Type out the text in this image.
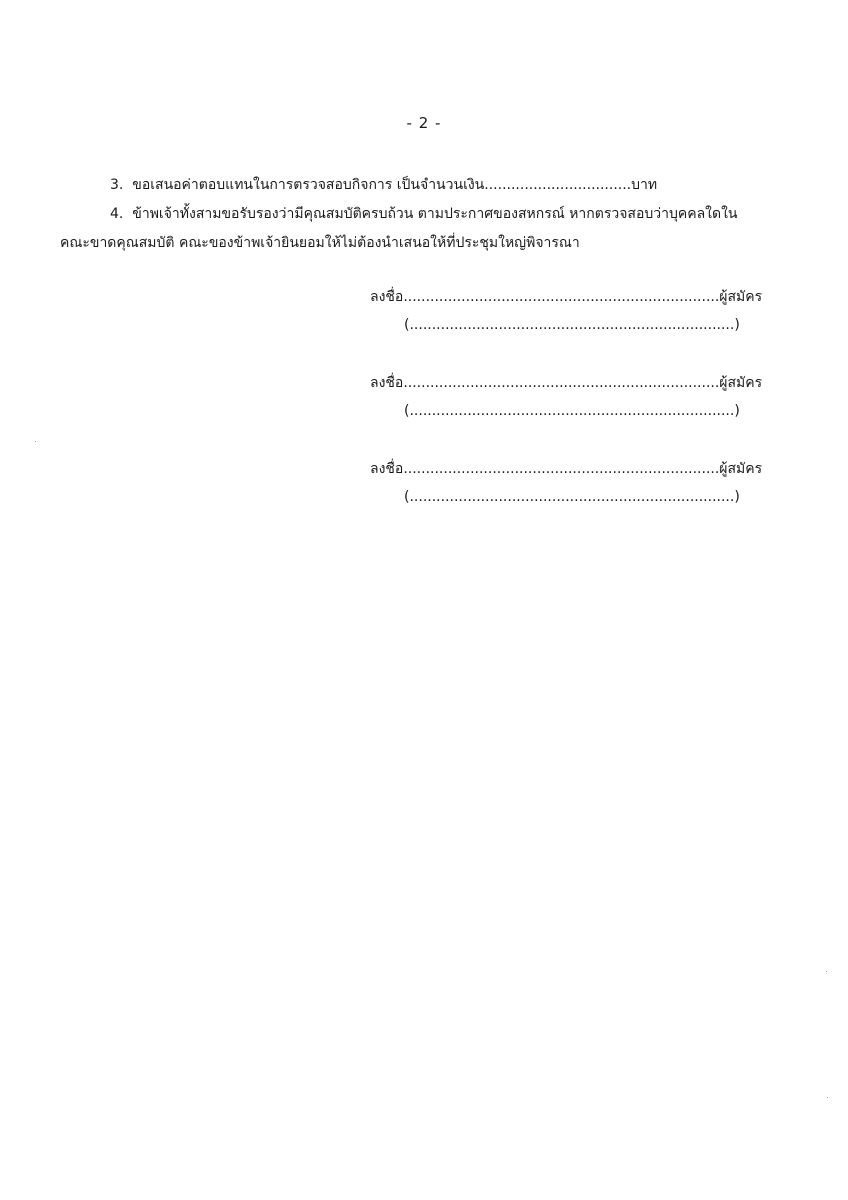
- 2 -
3. ขอเสนอค่าตอบแทนในการตรวจสอบกิจการ เป็นจำนวนเงิน.................................บาท
4. ข้าพเจ้าทั้งสามขอรับรองว่ามีคุณสมบัติครบถ้วน ตามประกาศของสหกรณ์ หากตรวจสอบว่าบุคคลใดใน
คณะขาดคุณสมบัติ คณะของข้าพเจ้ายินยอมให้ไม่ต้องนำเสนอให้ที่ประชุมใหญ่พิจารณา
ลงชื่อ ....................................................................... ผู้สมัคร
(.........................................................................)
ลงชื่อ ....................................................................... ผู้สมัคร
(.........................................................................)
ลงชื่อ ....................................................................... ผู้สมัคร
(.........................................................................)
